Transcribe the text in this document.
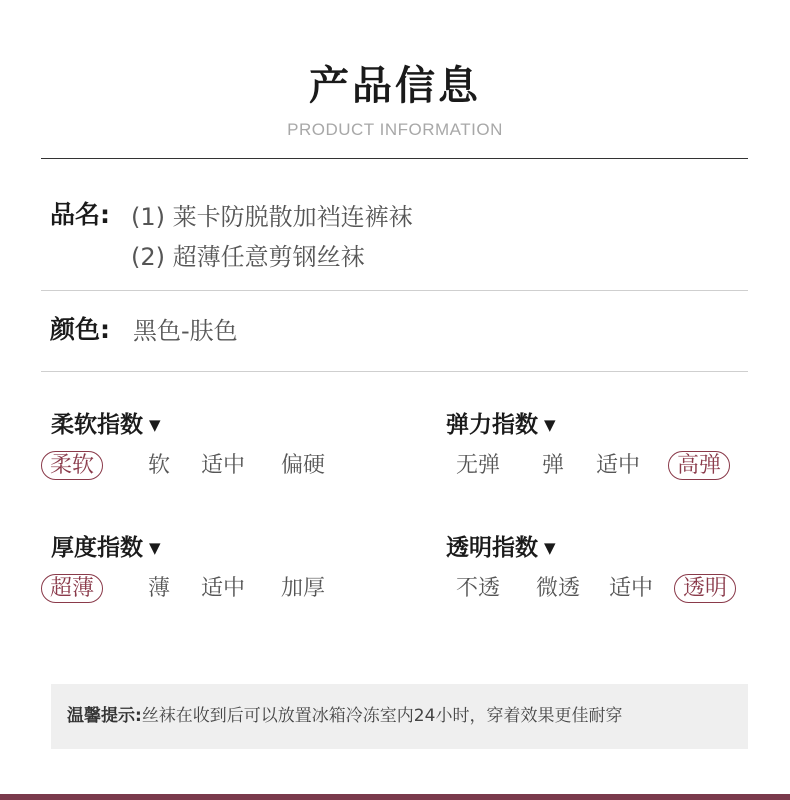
产品信息
PRODUCT INFORMATION
品名: (1) 莱卡防脱散加裆连裤袜
(2) 超薄任意剪钢丝袜
颜色: 黑色-肤色
柔软指数 ▼
柔软	软 适中 偏硬
弹力指数 ▼
无弹 弹 适中	高弹
厚度指数 ▼
超薄	薄 适中 加厚
透明指数 ▼
不透 微透 适中	透明
温馨提示:丝袜在收到后可以放置冰箱冷冻室内24小时，穿着效果更佳耐穿
